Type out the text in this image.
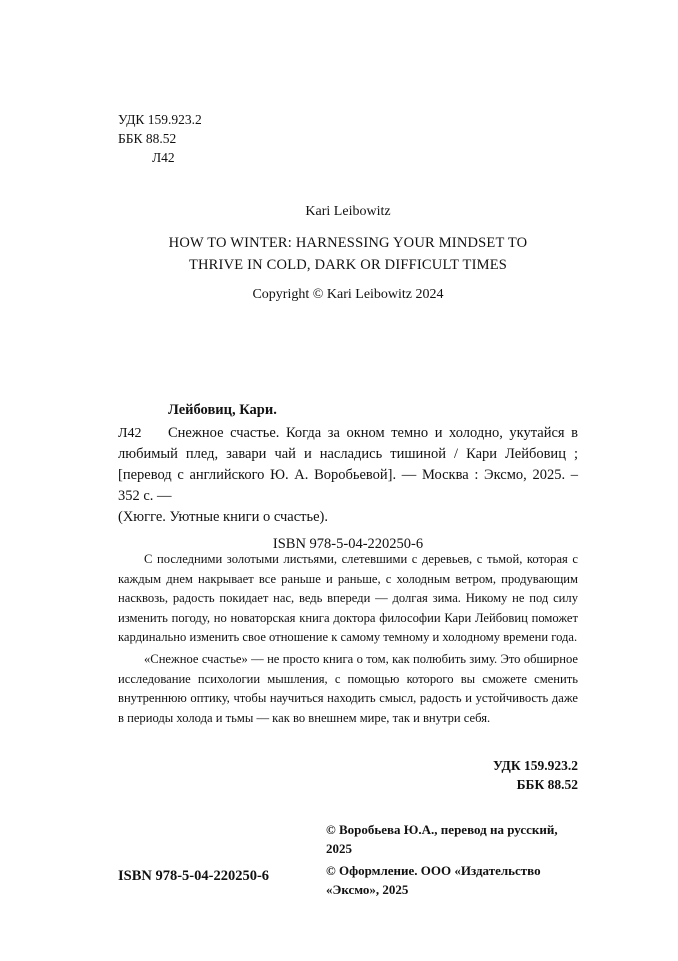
УДК 159.923.2
ББК 88.52
Л42
Kari Leibowitz
HOW TO WINTER: HARNESSING YOUR MINDSET TO
THRIVE IN COLD, DARK OR DIFFICULT TIMES
Copyright © Kari Leibowitz 2024
Лейбовиц, Кари.
Л42	Снежное счастье. Когда за окном темно и холодно, укутайся в любимый плед, завари чай и насладись тишиной / Кари Лейбовиц ; [перевод с английского Ю. А. Воробьевой]. — Москва : Эксмо, 2025. – 352 с. —
(Хюгге. Уютные книги о счастье).
ISBN 978-5-04-220250-6

С последними золотыми листьями, слетевшими с деревьев, с тьмой, которая с каждым днем накрывает все раньше и раньше, с холодным ветром, продувающим насквозь, радость покидает нас, ведь впереди — долгая зима. Никому не под силу изменить погоду, но новаторская книга доктора философии Кари Лейбовиц поможет кардинально изменить свое отношение к самому темному и холодному времени года.

«Снежное счастье» — не просто книга о том, как полюбить зиму. Это обширное исследование психологии мышления, с помощью которого вы сможете сменить внутреннюю оптику, чтобы научиться находить смысл, радость и устойчивость даже в периоды холода и тьмы — как во внешнем мире, так и внутри себя.

УДК 159.923.2
ББК 88.52
© Воробьева Ю.А., перевод на русский, 2025
© Оформление. ООО «Издательство «Эксмо», 2025
ISBN 978-5-04-220250-6
